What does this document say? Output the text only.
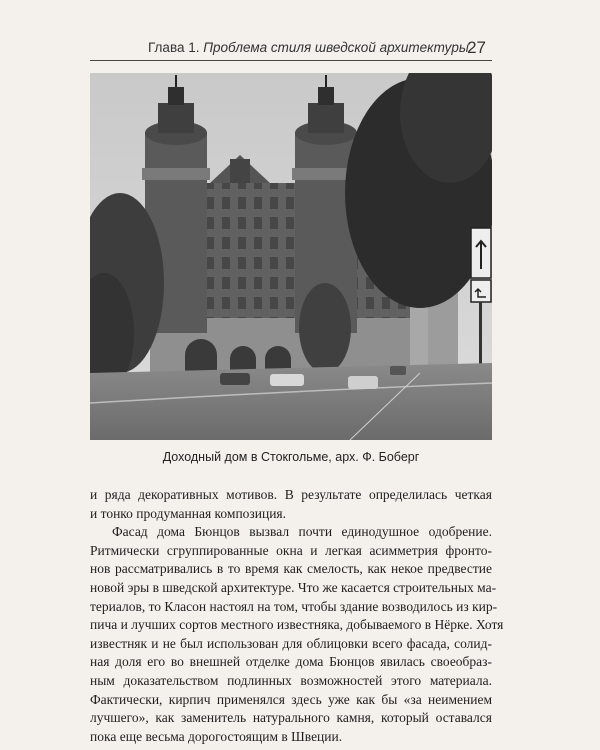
Глава 1. Проблема стиля шведской архитектуры
27
Доходный дом в Стокгольме, арх. Ф. Боберг
и ряда декоративных мотивов. В результате определилась четкая
и тонко продуманная композиция.
Фасад дома Бюнцов вызвал почти единодушное одобрение.
Ритмически сгруппированные окна и легкая асимметрия фронто-
нов рассматривались в то время как смелость, как некое предвестие
новой эры в шведской архитектуре. Что же касается строительных ма-
териалов, то Класон настоял на том, чтобы здание возводилось из кир-
пича и лучших сортов местного известняка, добываемого в Нёрке. Хотя
известняк и не был использован для облицовки всего фасада, солид-
ная доля его во внешней отделке дома Бюнцов явилась своеобраз-
ным доказательством подлинных возможностей этого материала.
Фактически, кирпич применялся здесь уже как бы «за неимением
лучшего», как заменитель натурального камня, который оставался
пока еще весьма дорогостоящим в Швеции.
